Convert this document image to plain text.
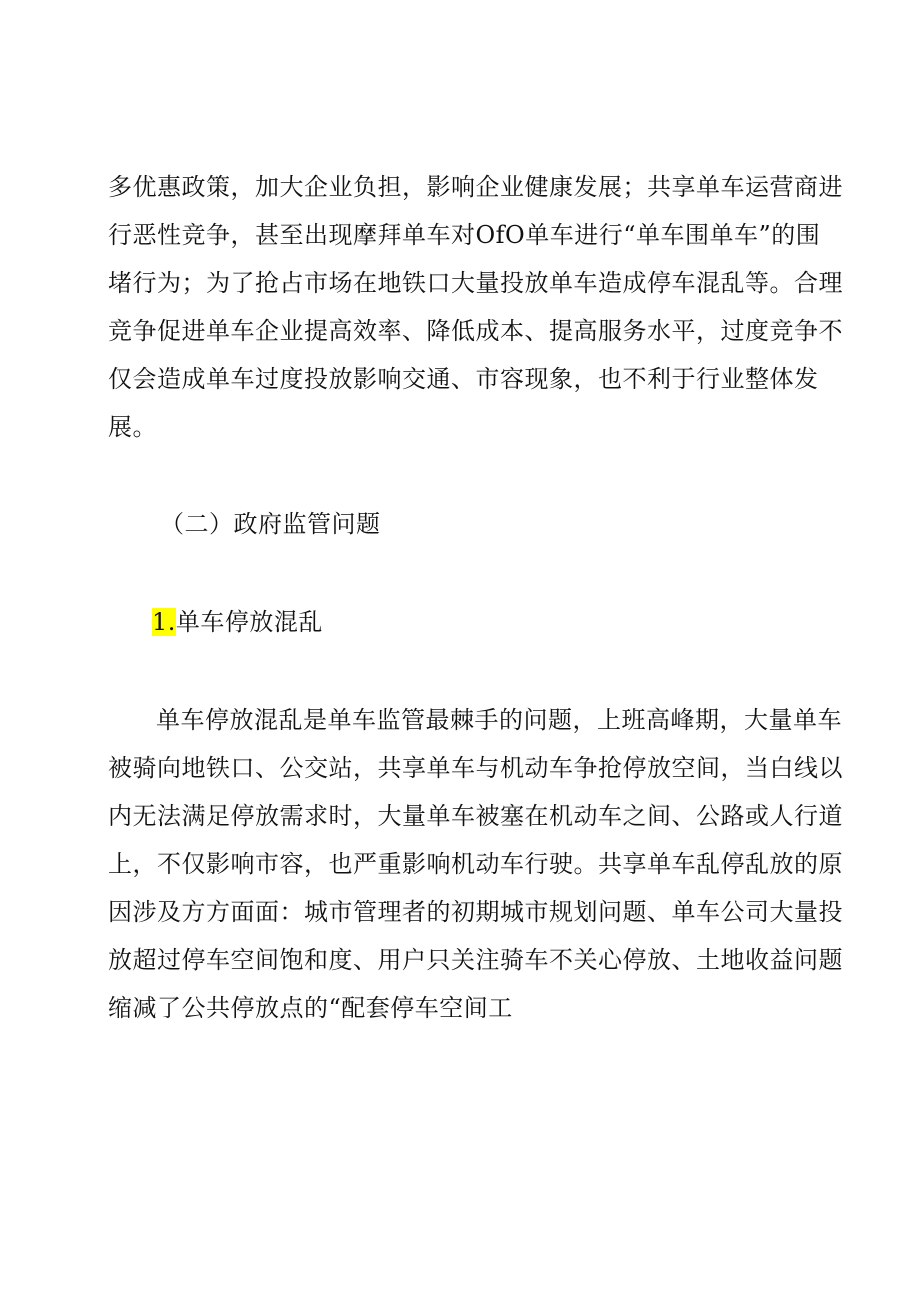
多优惠政策，加大企业负担，影响企业健康发展；共享单车运营商进
行恶性竞争，甚至出现摩拜单车对OfO单车进行“单车围单车”的围
堵行为；为了抢占市场在地铁口大量投放单车造成停车混乱等。合理
竞争促进单车企业提高效率、降低成本、提高服务水平，过度竞争不
仅会造成单车过度投放影响交通、市容现象，也不利于行业整体发
展。
（二）政府监管问题
1.单车停放混乱
单车停放混乱是单车监管最棘手的问题，上班高峰期，大量单车
被骑向地铁口、公交站，共享单车与机动车争抢停放空间，当白线以
内无法满足停放需求时，大量单车被塞在机动车之间、公路或人行道
上，不仅影响市容，也严重影响机动车行驶。共享单车乱停乱放的原
因涉及方方面面：城市管理者的初期城市规划问题、单车公司大量投
放超过停车空间饱和度、用户只关注骑车不关心停放、土地收益问题
缩减了公共停放点的“配套停车空间工
